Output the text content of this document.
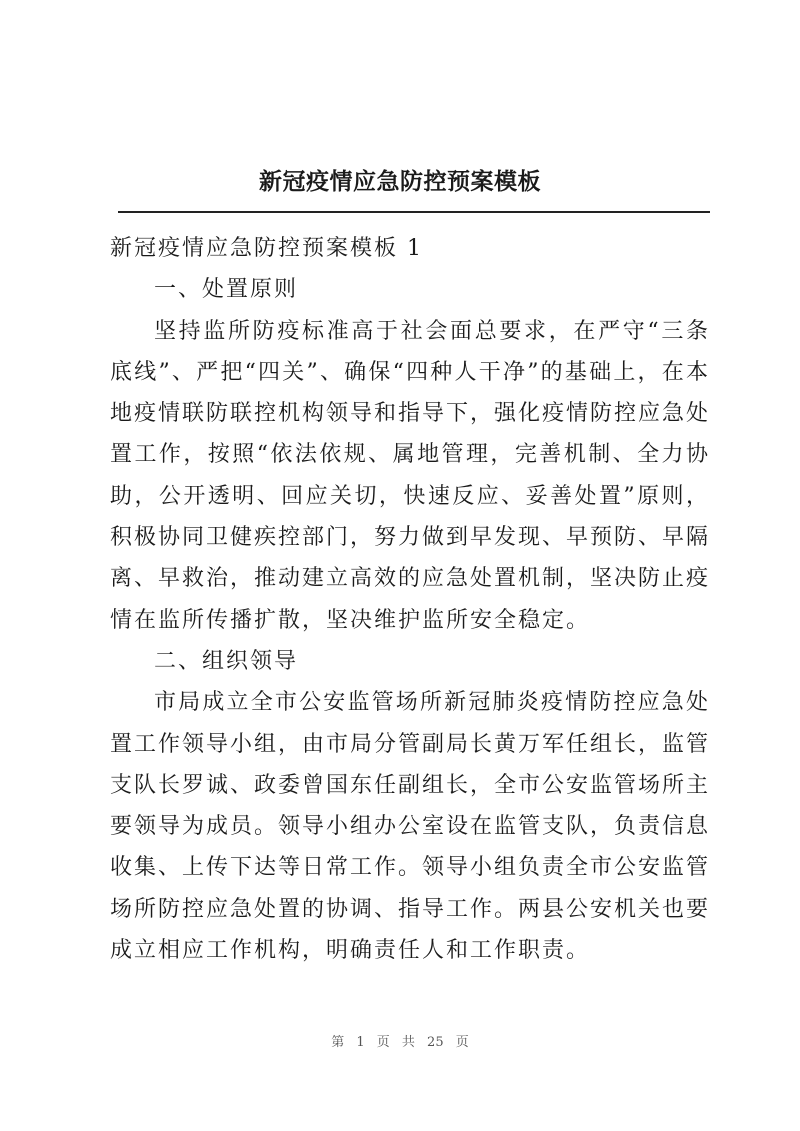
新冠疫情应急防控预案模板

新冠疫情应急防控预案模板 1

一、处置原则

坚持监所防疫标准高于社会面总要求，在严守“三条底线”、严把“四关”、确保“四种人干净”的基础上，在本地疫情联防联控机构领导和指导下，强化疫情防控应急处置工作，按照“依法依规、属地管理，完善机制、全力协助，公开透明、回应关切，快速反应、妥善处置”原则，积极协同卫健疾控部门，努力做到早发现、早预防、早隔离、早救治，推动建立高效的应急处置机制，坚决防止疫情在监所传播扩散，坚决维护监所安全稳定。

二、组织领导

市局成立全市公安监管场所新冠肺炎疫情防控应急处置工作领导小组，由市局分管副局长黄万军任组长，监管支队长罗诚、政委曾国东任副组长，全市公安监管场所主要领导为成员。领导小组办公室设在监管支队，负责信息收集、上传下达等日常工作。领导小组负责全市公安监管场所防控应急处置的协调、指导工作。两县公安机关也要成立相应工作机构，明确责任人和工作职责。

第 1 页 共 25 页
